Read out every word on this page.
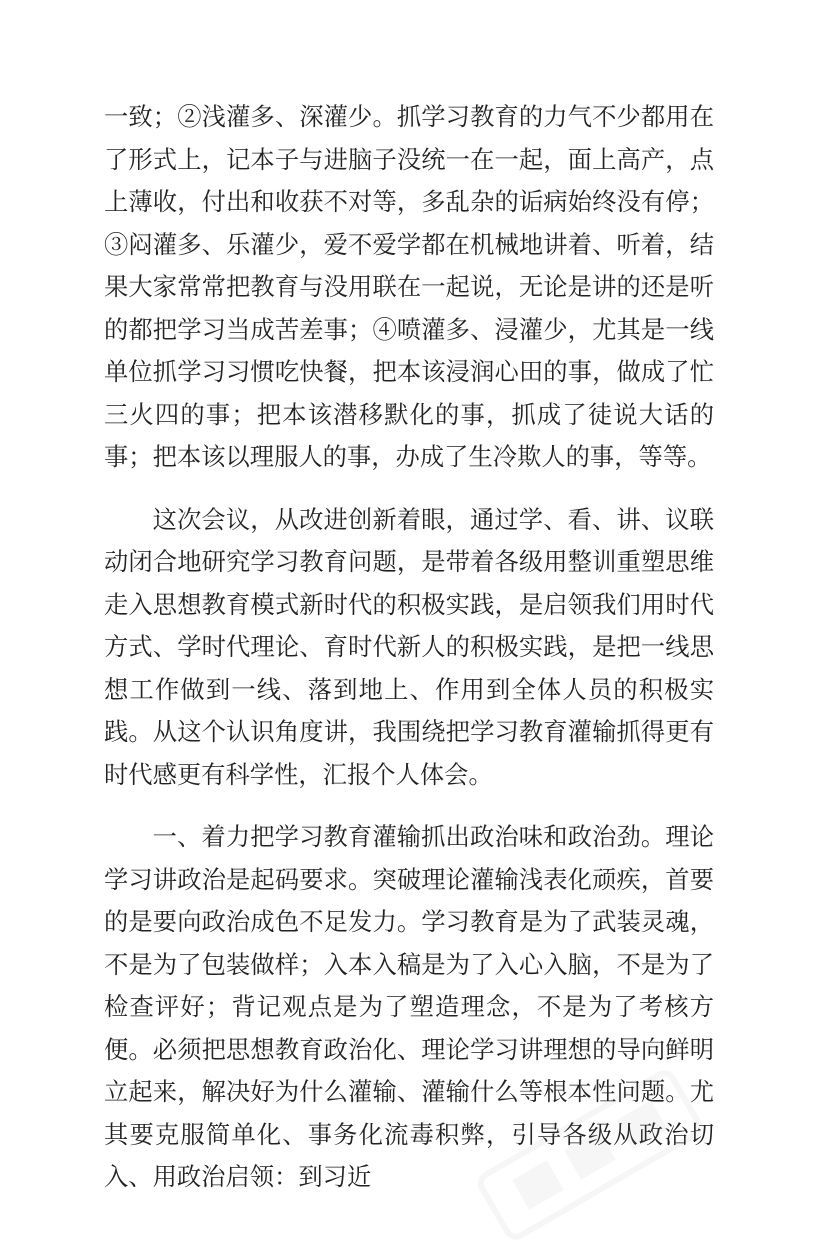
一致；②浅灌多、深灌少。抓学习教育的力气不少都用在了形式上，记本子与进脑子没统一在一起，面上高产，点上薄收，付出和收获不对等，多乱杂的诟病始终没有停；③闷灌多、乐灌少，爱不爱学都在机械地讲着、听着，结果大家常常把教育与没用联在一起说，无论是讲的还是听的都把学习当成苦差事；④喷灌多、浸灌少，尤其是一线单位抓学习习惯吃快餐，把本该浸润心田的事，做成了忙三火四的事；把本该潜移默化的事，抓成了徒说大话的事；把本该以理服人的事，办成了生冷欺人的事，等等。

这次会议，从改进创新着眼，通过学、看、讲、议联动闭合地研究学习教育问题，是带着各级用整训重塑思维走入思想教育模式新时代的积极实践，是启领我们用时代方式、学时代理论、育时代新人的积极实践，是把一线思想工作做到一线、落到地上、作用到全体人员的积极实践。从这个认识角度讲，我围绕把学习教育灌输抓得更有时代感更有科学性，汇报个人体会。

一、着力把学习教育灌输抓出政治味和政治劲。理论学习讲政治是起码要求。突破理论灌输浅表化顽疾，首要的是要向政治成色不足发力。学习教育是为了武装灵魂，不是为了包装做样；入本入稿是为了入心入脑，不是为了检查评好；背记观点是为了塑造理念，不是为了考核方便。必须把思想教育政治化、理论学习讲理想的导向鲜明立起来，解决好为什么灌输、灌输什么等根本性问题。尤其要克服简单化、事务化流毒积弊，引导各级从政治切入、用政治启领：到习近
